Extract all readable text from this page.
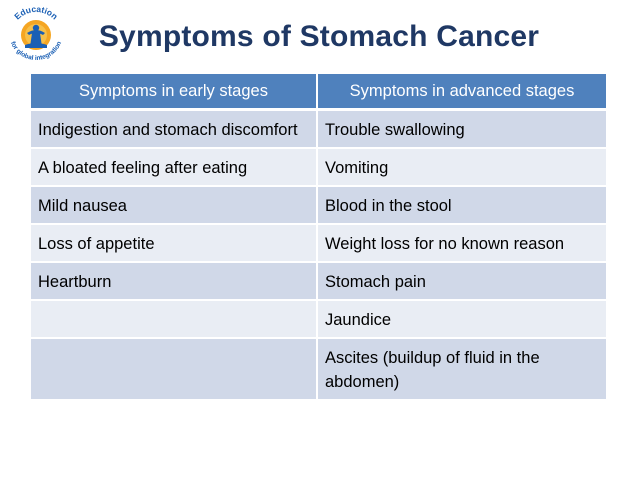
Education
for global integration	Symptoms of Stomach Cancer
Symptoms in early stages	Symptoms in advanced stages
Indigestion and stomach discomfort	Trouble swallowing
A bloated feeling after eating	Vomiting
Mild nausea	Blood in the stool
Loss of appetite	Weight loss for no known reason
Heartburn	Stomach pain
	Jaundice
	Ascites (buildup of fluid in the abdomen)
